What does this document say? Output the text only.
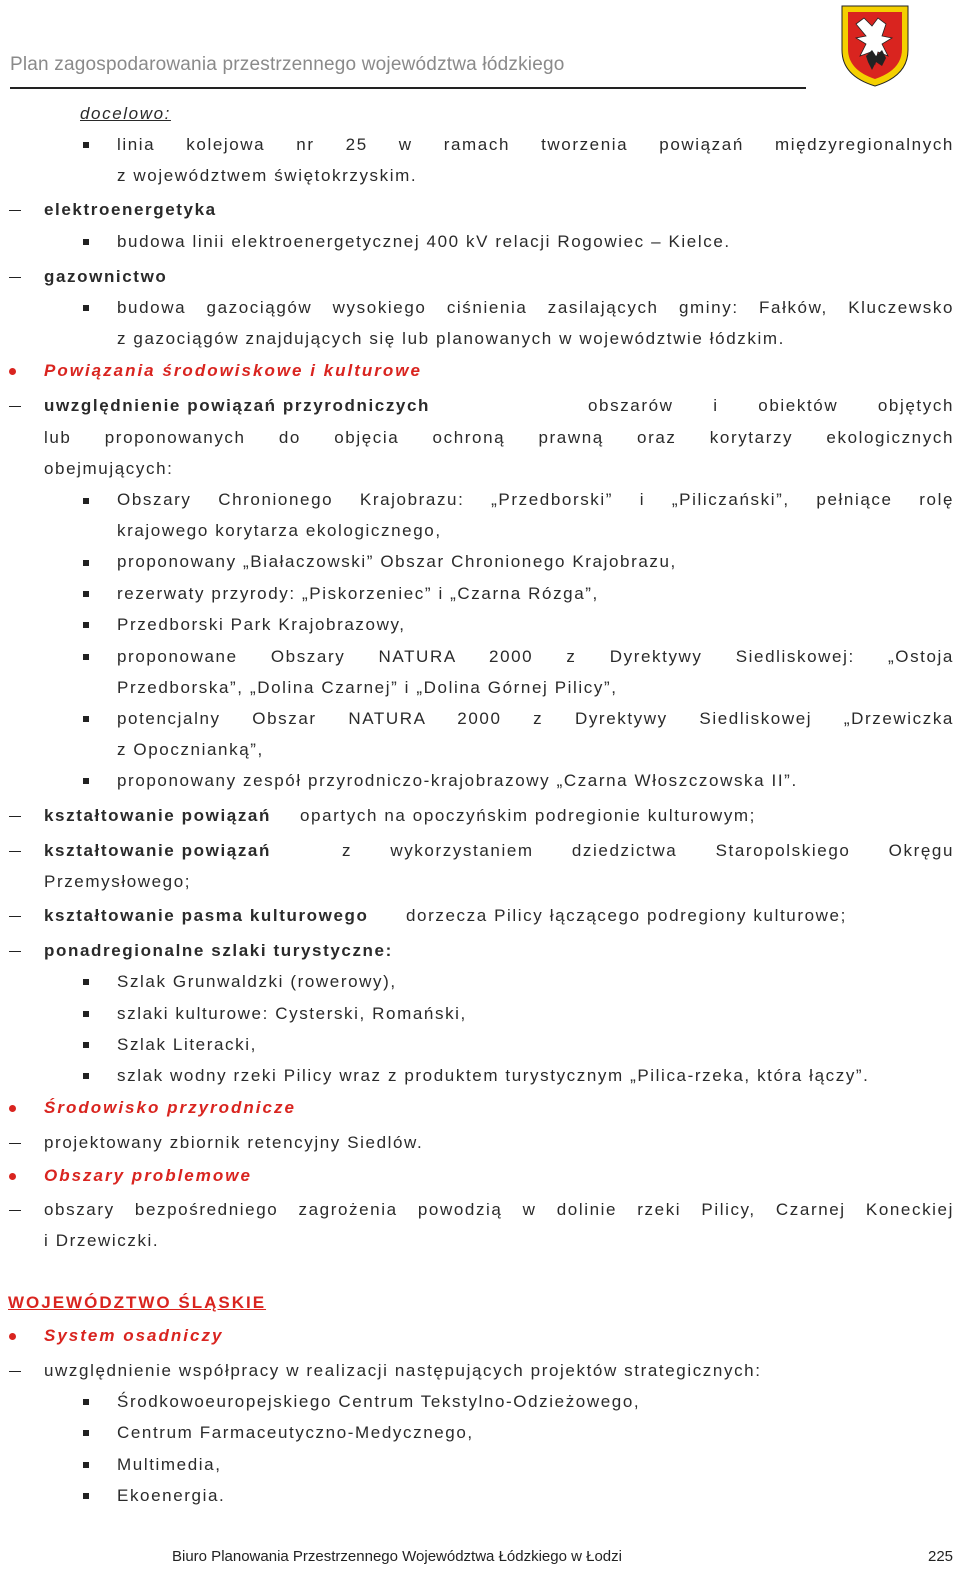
Plan zagospodarowania przestrzennego województwa łódzkiego
docelowo:
linia kolejowa nr 25 w ramach tworzenia powiązań międzyregionalnych
z województwem świętokrzyskim.
elektroenergetyka
budowa linii elektroenergetycznej 400 kV relacji Rogowiec – Kielce.
gazownictwo
budowa gazociągów wysokiego ciśnienia zasilających gminy: Fałków, Kluczewsko
z gazociągów znajdujących się lub planowanych w województwie łódzkim.
Powiązania środowiskowe i kulturowe
uwzględnienie powiązań przyrodniczych	obszarów i obiektów objętych
lub proponowanych do objęcia ochroną prawną oraz korytarzy ekologicznych
obejmujących:
Obszary Chronionego Krajobrazu: „Przedborski” i „Piliczański”, pełniące rolę
krajowego korytarza ekologicznego,
proponowany „Białaczowski” Obszar Chronionego Krajobrazu,
rezerwaty przyrody: „Piskorzeniec” i „Czarna Rózga”,
Przedborski Park Krajobrazowy,
proponowane Obszary NATURA 2000 z Dyrektywy Siedliskowej: „Ostoja
Przedborska”, „Dolina Czarnej” i „Dolina Górnej Pilicy”,
potencjalny Obszar NATURA 2000 z Dyrektywy Siedliskowej „Drzewiczka
z Opocznianką”,
proponowany zespół przyrodniczo-krajobrazowy „Czarna Włoszczowska II”.
kształtowanie powiązań opartych na opoczyńskim podregionie kulturowym;
kształtowanie powiązań	z wykorzystaniem dziedzictwa Staropolskiego Okręgu
Przemysłowego;
kształtowanie pasma kulturowego dorzecza Pilicy łączącego podregiony kulturowe;
ponadregionalne szlaki turystyczne:
Szlak Grunwaldzki (rowerowy),
szlaki kulturowe: Cysterski, Romański,
Szlak Literacki,
szlak wodny rzeki Pilicy wraz z produktem turystycznym „Pilica-rzeka, która łączy”.
Środowisko przyrodnicze
projektowany zbiornik retencyjny Siedlów.
Obszary problemowe
obszary bezpośredniego zagrożenia powodzią w dolinie rzeki Pilicy, Czarnej Koneckiej
i Drzewiczki.
WOJEWÓDZTWO ŚLĄSKIE
System osadniczy
uwzględnienie współpracy w realizacji następujących projektów strategicznych:
Środkowoeuropejskiego Centrum Tekstylno-Odzieżowego,
Centrum Farmaceutyczno-Medycznego,
Multimedia,
Ekoenergia.
Biuro Planowania Przestrzennego Województwa Łódzkiego w Łodzi	225
